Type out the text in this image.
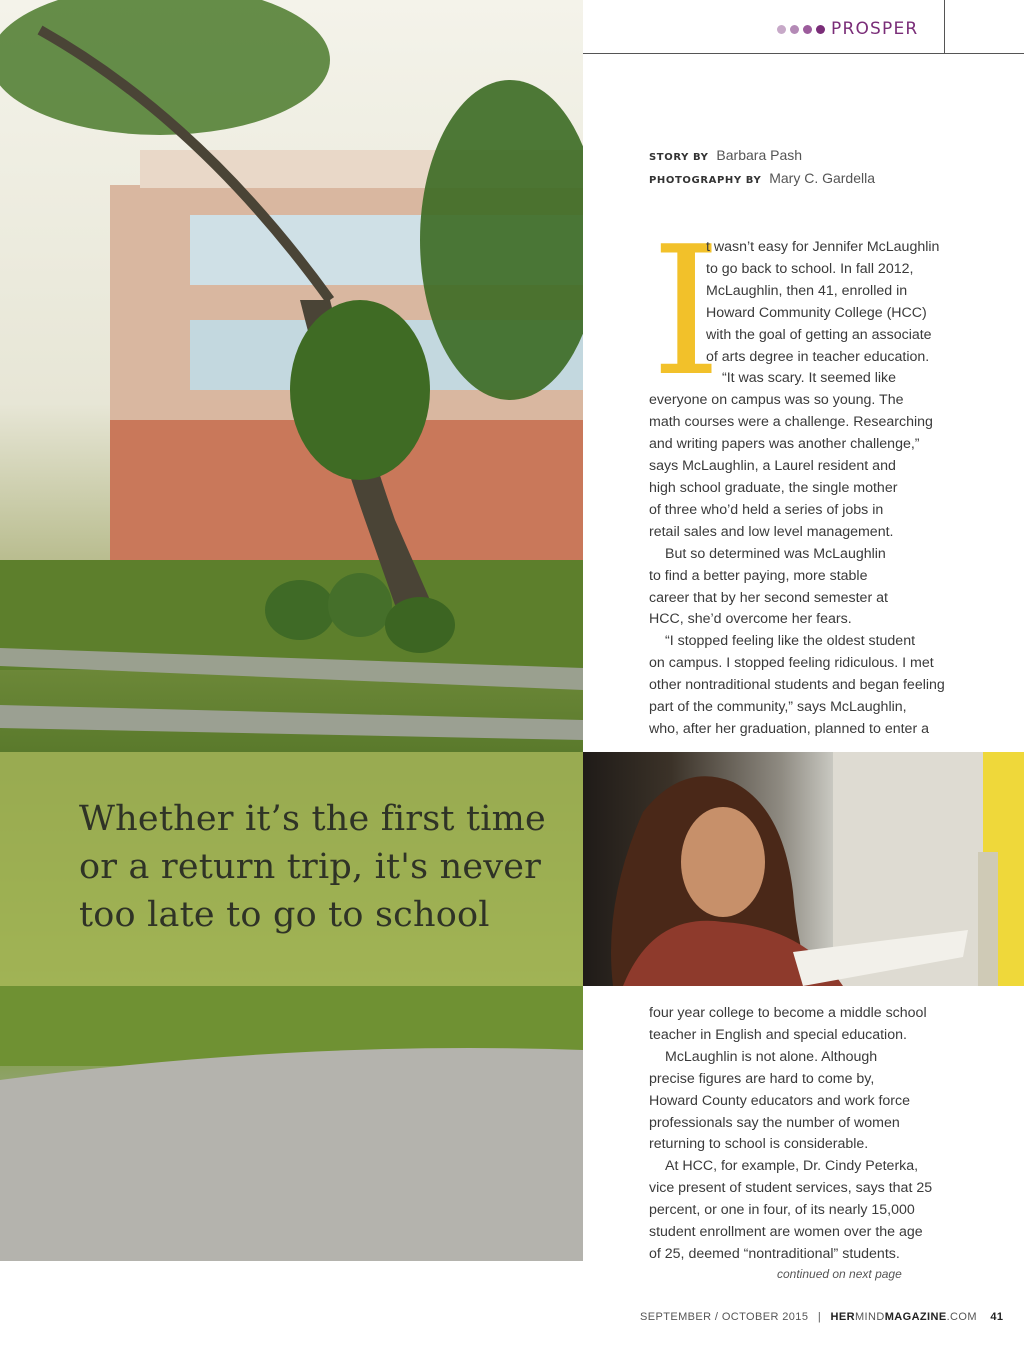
Whether it’s the first time
or a return trip, it's never
too late to go to school
PROSPER
STORY BY Barbara Pash
PHOTOGRAPHY BY Mary C. Gardella
I
t wasn’t easy for Jennifer McLaughlin
to go back to school. In fall 2012,
McLaughlin, then 41, enrolled in
Howard Community College (HCC)
with the goal of getting an associate
of arts degree in teacher education.
“It was scary. It seemed like
everyone on campus was so young. The
math courses were a challenge. Researching
and writing papers was another challenge,”
says McLaughlin, a Laurel resident and
high school graduate, the single mother
of three who’d held a series of jobs in
retail sales and low level management.
But so determined was McLaughlin
to find a better paying, more stable
career that by her second semester at
HCC, she’d overcome her fears.
“I stopped feeling like the oldest student
on campus. I stopped feeling ridiculous. I met
other nontraditional students and began feeling
part of the community,” says McLaughlin,
who, after her graduation, planned to enter a
four year college to become a middle school
teacher in English and special education.
McLaughlin is not alone. Although
precise figures are hard to come by,
Howard County educators and work force
professionals say the number of women
returning to school is considerable.
At HCC, for example, Dr. Cindy Peterka,
vice present of student services, says that 25
percent, or one in four, of its nearly 15,000
student enrollment are women over the age
of 25, deemed “nontraditional” students.
continued on next page
SEPTEMBER / OCTOBER 2015 | HERMINDMAGAZINE.COM 41
